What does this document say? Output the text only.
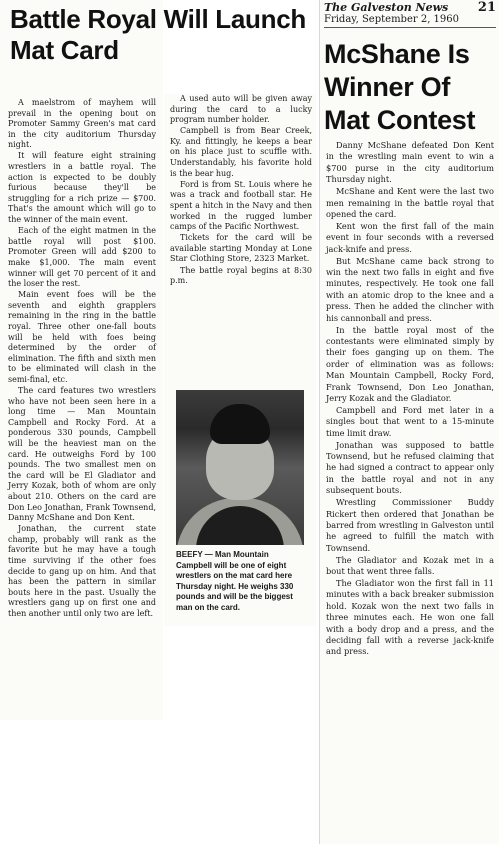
A maelstrom of mayhem will prevail in the opening bout on Promoter Sammy Green's mat card in the city auditorium Thursday night.

It will feature eight straining wrestlers in a battle royal. The action is expected to be doubly furious because they'll be struggling for a rich prize — $700. That's the amount which will go to the winner of the main event.

Each of the eight matmen in the battle royal will post $100. Promoter Green will add $200 to make $1,000. The main event winner will get 70 percent of it and the loser the rest.

Main event foes will be the seventh and eighth grapplers remaining in the ring in the battle royal. Three other one-fall bouts will be held with foes being determined by the order of elimination. The fifth and sixth men to be eliminated will clash in the semi-final, etc.

The card features two wrestlers who have not been seen here in a long time — Man Mountain Campbell and Rocky Ford. At a ponderous 330 pounds, Campbell will be the heaviest man on the card. He outweighs Ford by 100 pounds. The two smallest men on the card will be El Gladiator and Jerry Kozak, both of whom are only about 210. Others on the card are Don Leo Jonathan, Frank Townsend, Danny McShane and Don Kent.

Jonathan, the current state champ, probably will rank as the favorite but he may have a tough time surviving if the other foes decide to gang up on him. And that has been the pattern in similar bouts here in the past. Usually the wrestlers gang up on first one and then another until only two are left.

A used auto will be given away during the card to a lucky program number holder.

Campbell is from Bear Creek, Ky. and fittingly, he keeps a bear on his place just to scuffle with. Understandably, his favorite hold is the bear hug.

Ford is from St. Louis where he was a track and football star. He spent a hitch in the Navy and then worked in the rugged lumber camps of the Pacific Northwest.

Tickets for the card will be available starting Monday at Lone Star Clothing Store, 2323 Market.

The battle royal begins at 8:30 p.m.

BEEFY — Man Mountain Campbell will be one of eight wrestlers on the mat card here Thursday night. He weighs 330 pounds and will be the biggest man on the card.
Battle Royal Will Launch Mat Card
The Galveston News 21
Friday, September 2, 1960
McShane Is Winner Of Mat Contest

Danny McShane defeated Don Kent in the wrestling main event to win a $700 purse in the city auditorium Thursday night.

McShane and Kent were the last two men remaining in the battle royal that opened the card.

Kent won the first fall of the main event in four seconds with a reversed jack-knife and press.

But McShane came back strong to win the next two falls in eight and five minutes, respectively. He took one fall with an atomic drop to the knee and a press. Then he added the clincher with his cannonball and press.

In the battle royal most of the contestants were eliminated simply by their foes ganging up on them. The order of elimination was as follows: Man Mountain Campbell, Rocky Ford, Frank Townsend, Don Leo Jonathan, Jerry Kozak and the Gladiator.

Campbell and Ford met later in a singles bout that went to a 15-minute time limit draw.

Jonathan was supposed to battle Townsend, but he refused claiming that he had signed a contract to appear only in the battle royal and not in any subsequent bouts.

Wrestling Commissioner Buddy Rickert then ordered that Jonathan be barred from wrestling in Galveston until he agreed to fulfill the match with Townsend.

The Gladiator and Kozak met in a bout that went three falls.

The Gladiator won the first fall in 11 minutes with a back breaker submission hold. Kozak won the next two falls in three minutes each. He won one fall with a body drop and a press, and the deciding fall with a reverse jack-knife and press.
